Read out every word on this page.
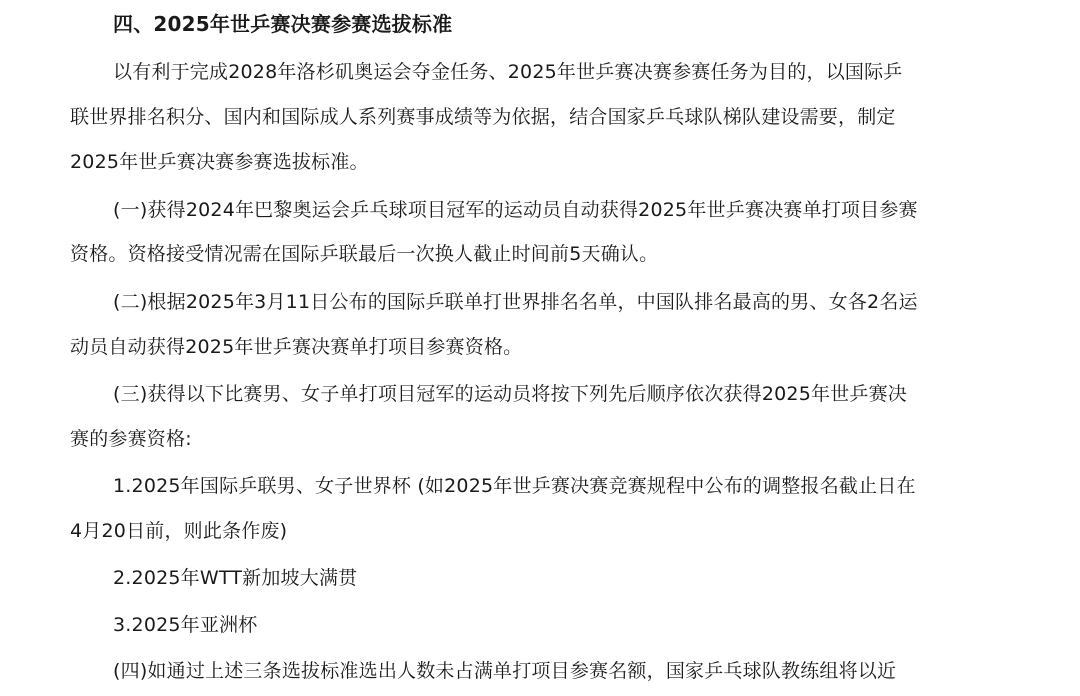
四、2025年世乒赛决赛参赛选拔标准
以有利于完成2028年洛杉矶奥运会夺金任务、2025年世乒赛决赛参赛任务为目的，以国际乒
联世界排名积分、国内和国际成人系列赛事成绩等为依据，结合国家乒乓球队梯队建设需要，制定
2025年世乒赛决赛参赛选拔标准。
(一)获得2024年巴黎奥运会乒乓球项目冠军的运动员自动获得2025年世乒赛决赛单打项目参赛
资格。资格接受情况需在国际乒联最后一次换人截止时间前5天确认。
(二)根据2025年3月11日公布的国际乒联单打世界排名名单，中国队排名最高的男、女各2名运
动员自动获得2025年世乒赛决赛单打项目参赛资格。
(三)获得以下比赛男、女子单打项目冠军的运动员将按下列先后顺序依次获得2025年世乒赛决
赛的参赛资格:
1.2025年国际乒联男、女子世界杯 (如2025年世乒赛决赛竞赛规程中公布的调整报名截止日在
4月20日前，则此条作废)
2.2025年WTT新加坡大满贯
3.2025年亚洲杯
(四)如通过上述三条选拔标准选出人数未占满单打项目参赛名额，国家乒乓球队教练组将以近
